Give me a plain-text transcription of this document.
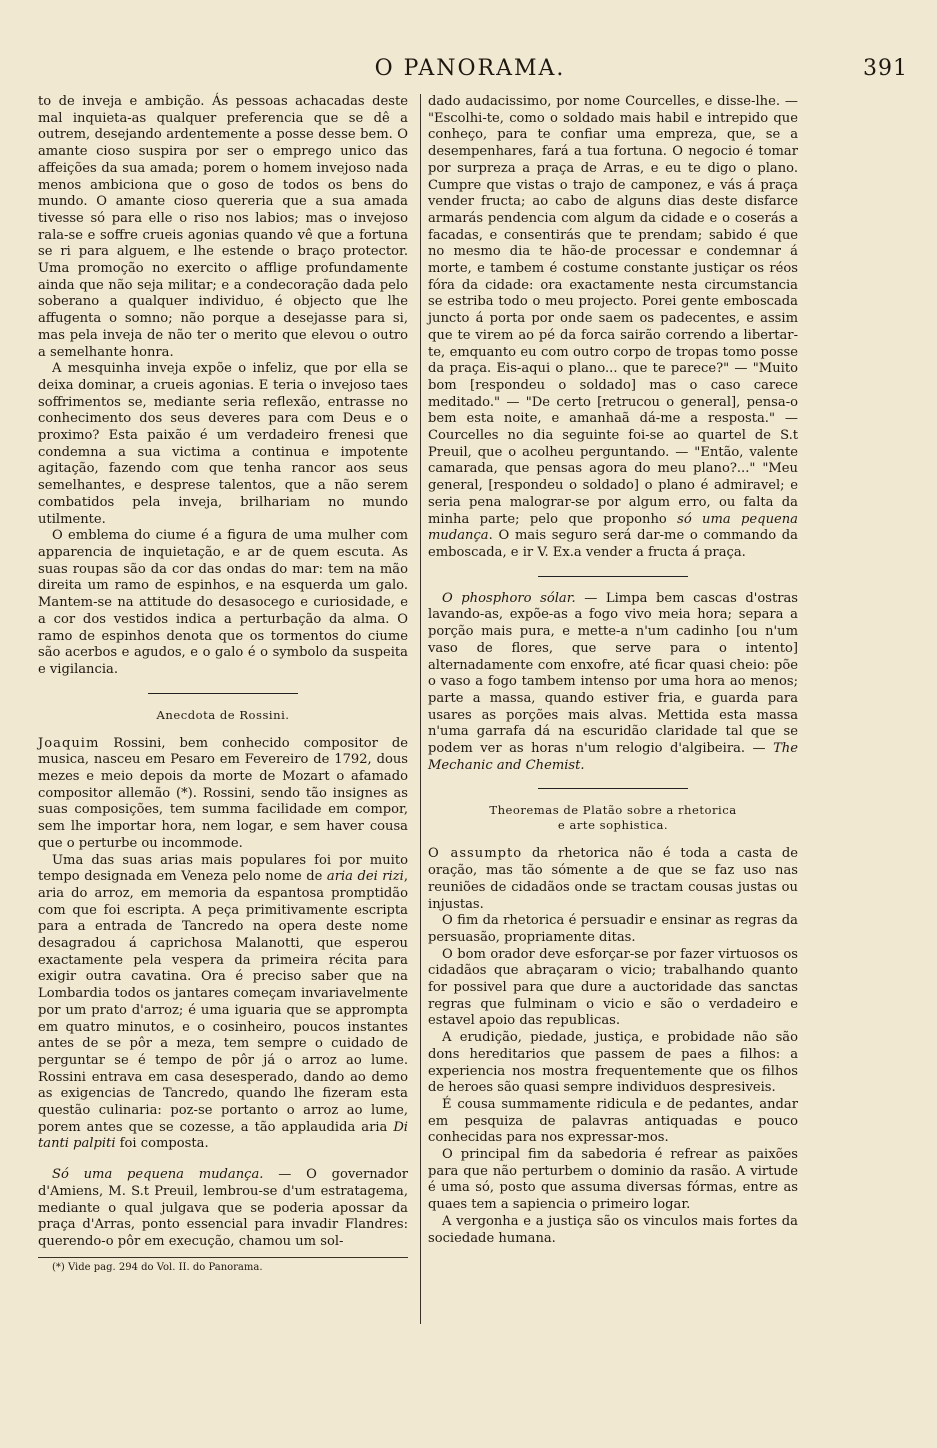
O PANORAMA.	391

to de inveja e ambição. Ás pessoas achacadas deste mal inquieta-as qualquer preferencia que se dê a outrem, desejando ardentemente a posse desse bem. O amante cioso suspira por ser o emprego unico das affeições da sua amada; porem o homem invejoso nada menos ambiciona que o goso de todos os bens do mundo. O amante cioso quereria que a sua amada tivesse só para elle o riso nos labios; mas o invejoso rala-se e soffre crueis agonias quando vê que a fortuna se ri para alguem, e lhe estende o braço protector. Uma promoção no exercito o afflige profundamente ainda que não seja militar; e a condecoração dada pelo soberano a qualquer individuo, é objecto que lhe affugenta o somno; não porque a desejasse para si, mas pela inveja de não ter o merito que elevou o outro a semelhante honra.

A mesquinha inveja expõe o infeliz, que por ella se deixa dominar, a crueis agonias. E teria o invejoso taes soffrimentos se, mediante seria reflexão, entrasse no conhecimento dos seus deveres para com Deus e o proximo? Esta paixão é um verdadeiro frenesi que condemna a sua victima a continua e impotente agitação, fazendo com que tenha rancor aos seus semelhantes, e desprese talentos, que a não serem combatidos pela inveja, brilhariam no mundo utilmente.

O emblema do ciume é a figura de uma mulher com apparencia de inquietação, e ar de quem escuta. As suas roupas são da cor das ondas do mar: tem na mão direita um ramo de espinhos, e na esquerda um galo. Mantem-se na attitude do desasocego e curiosidade, e a cor dos vestidos indica a perturbação da alma. O ramo de espinhos denota que os tormentos do ciume são acerbos e agudos, e o galo é o symbolo da suspeita e vigilancia.

Anecdota de Rossini.

Joaquim Rossini, bem conhecido compositor de musica, nasceu em Pesaro em Fevereiro de 1792, dous mezes e meio depois da morte de Mozart o afamado compositor allemão (*). Rossini, sendo tão insignes as suas composições, tem summa facilidade em compor, sem lhe importar hora, nem logar, e sem haver cousa que o perturbe ou incommode.

Uma das suas arias mais populares foi por muito tempo designada em Veneza pelo nome de aria dei rizi, aria do arroz, em memoria da espantosa promptidão com que foi escripta. A peça primitivamente escripta para a entrada de Tancredo na opera deste nome desagradou á caprichosa Malanotti, que esperou exactamente pela vespera da primeira récita para exigir outra cavatina. Ora é preciso saber que na Lombardia todos os jantares começam invariavelmente por um prato d'arroz; é uma iguaria que se apprompta em quatro minutos, e o cosinheiro, poucos instantes antes de se pôr a meza, tem sempre o cuidado de perguntar se é tempo de pôr já o arroz ao lume. Rossini entrava em casa desesperado, dando ao demo as exigencias de Tancredo, quando lhe fizeram esta questão culinaria: poz-se portanto o arroz ao lume, porem antes que se cozesse, a tão applaudida aria Di tanti palpiti foi composta.

Só uma pequena mudança. — O governador d'Amiens, M. S.t Preuil, lembrou-se d'um estratagema, mediante o qual julgava que se poderia apossar da praça d'Arras, ponto essencial para invadir Flandres: querendo-o pôr em execução, chamou um sol-

(*) Vide pag. 294 do Vol. II. do Panorama.

dado audacissimo, por nome Courcelles, e disse-lhe. — "Escolhi-te, como o soldado mais habil e intrepido que conheço, para te confiar uma empreza, que, se a desempenhares, fará a tua fortuna. O negocio é tomar por surpreza a praça de Arras, e eu te digo o plano. Cumpre que vistas o trajo de camponez, e vás á praça vender fructa; ao cabo de alguns dias deste disfarce armarás pendencia com algum da cidade e o coserás a facadas, e consentirás que te prendam; sabido é que no mesmo dia te hão-de processar e condemnar á morte, e tambem é costume constante justiçar os réos fóra da cidade: ora exactamente nesta circumstancia se estriba todo o meu projecto. Porei gente emboscada juncto á porta por onde saem os padecentes, e assim que te virem ao pé da forca sairão correndo a libertar-te, emquanto eu com outro corpo de tropas tomo posse da praça. Eis-aqui o plano... que te parece?" — "Muito bom [respondeu o soldado] mas o caso carece meditado." — "De certo [retrucou o general], pensa-o bem esta noite, e amanhaã dá-me a resposta." — Courcelles no dia seguinte foi-se ao quartel de S.t Preuil, que o acolheu perguntando. — "Então, valente camarada, que pensas agora do meu plano?..." "Meu general, [respondeu o soldado] o plano é admiravel; e seria pena malograr-se por algum erro, ou falta da minha parte; pelo que proponho só uma pequena mudança. O mais seguro será dar-me o commando da emboscada, e ir V. Ex.a vender a fructa á praça.

O phosphoro sólar. — Limpa bem cascas d'ostras lavando-as, expõe-as a fogo vivo meia hora; separa a porção mais pura, e mette-a n'um cadinho [ou n'um vaso de flores, que serve para o intento] alternadamente com enxofre, até ficar quasi cheio: põe o vaso a fogo tambem intenso por uma hora ao menos; parte a massa, quando estiver fria, e guarda para usares as porções mais alvas. Mettida esta massa n'uma garrafa dá na escuridão claridade tal que se podem ver as horas n'um relogio d'algibeira. — The Mechanic and Chemist.

Theoremas de Platão sobre a rhetorica
e arte sophistica.

O assumpto da rhetorica não é toda a casta de oração, mas tão sómente a de que se faz uso nas reuniões de cidadãos onde se tractam cousas justas ou injustas.

O fim da rhetorica é persuadir e ensinar as regras da persuasão, propriamente ditas.

O bom orador deve esforçar-se por fazer virtuosos os cidadãos que abraçaram o vicio; trabalhando quanto for possivel para que dure a auctoridade das sanctas regras que fulminam o vicio e são o verdadeiro e estavel apoio das republicas.

A erudição, piedade, justiça, e probidade não são dons hereditarios que passem de paes a filhos: a experiencia nos mostra frequentemente que os filhos de heroes são quasi sempre individuos despresiveis.

É cousa summamente ridicula e de pedantes, andar em pesquiza de palavras antiquadas e pouco conhecidas para nos expressar-mos.

O principal fim da sabedoria é refrear as paixões para que não perturbem o dominio da rasão. A virtude é uma só, posto que assuma diversas fórmas, entre as quaes tem a sapiencia o primeiro logar.

A vergonha e a justiça são os vinculos mais fortes da sociedade humana.
